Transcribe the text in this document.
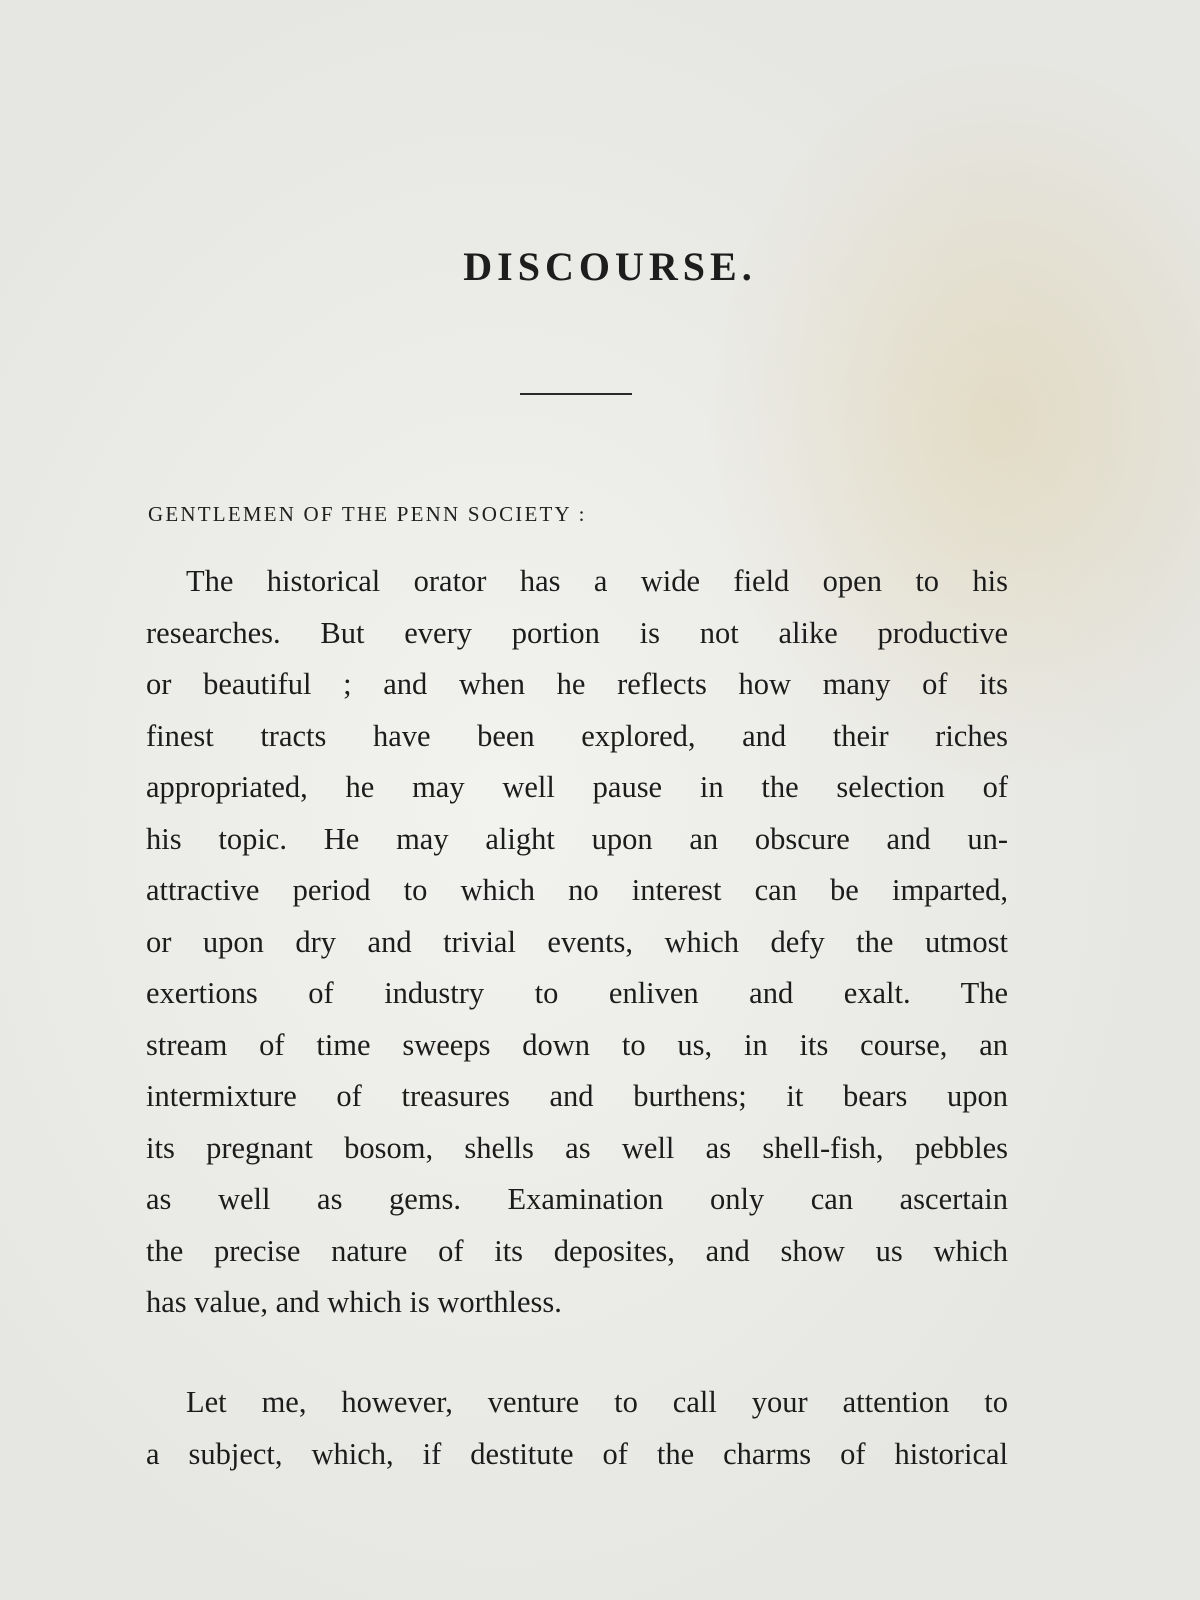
DISCOURSE.
GENTLEMEN OF THE PENN SOCIETY :

The historical orator has a wide field open to his
researches. But every portion is not alike productive
or beautiful ; and when he reflects how many of its
finest tracts have been explored, and their riches
appropriated, he may well pause in the selection of
his topic. He may alight upon an obscure and un-
attractive period to which no interest can be imparted,
or upon dry and trivial events, which defy the utmost
exertions of industry to enliven and exalt. The
stream of time sweeps down to us, in its course, an
intermixture of treasures and burthens; it bears upon
its pregnant bosom, shells as well as shell-fish, pebbles
as well as gems. Examination only can ascertain
the precise nature of its deposites, and show us which
has value, and which is worthless.

Let me, however, venture to call your attention to
a subject, which, if destitute of the charms of historical
